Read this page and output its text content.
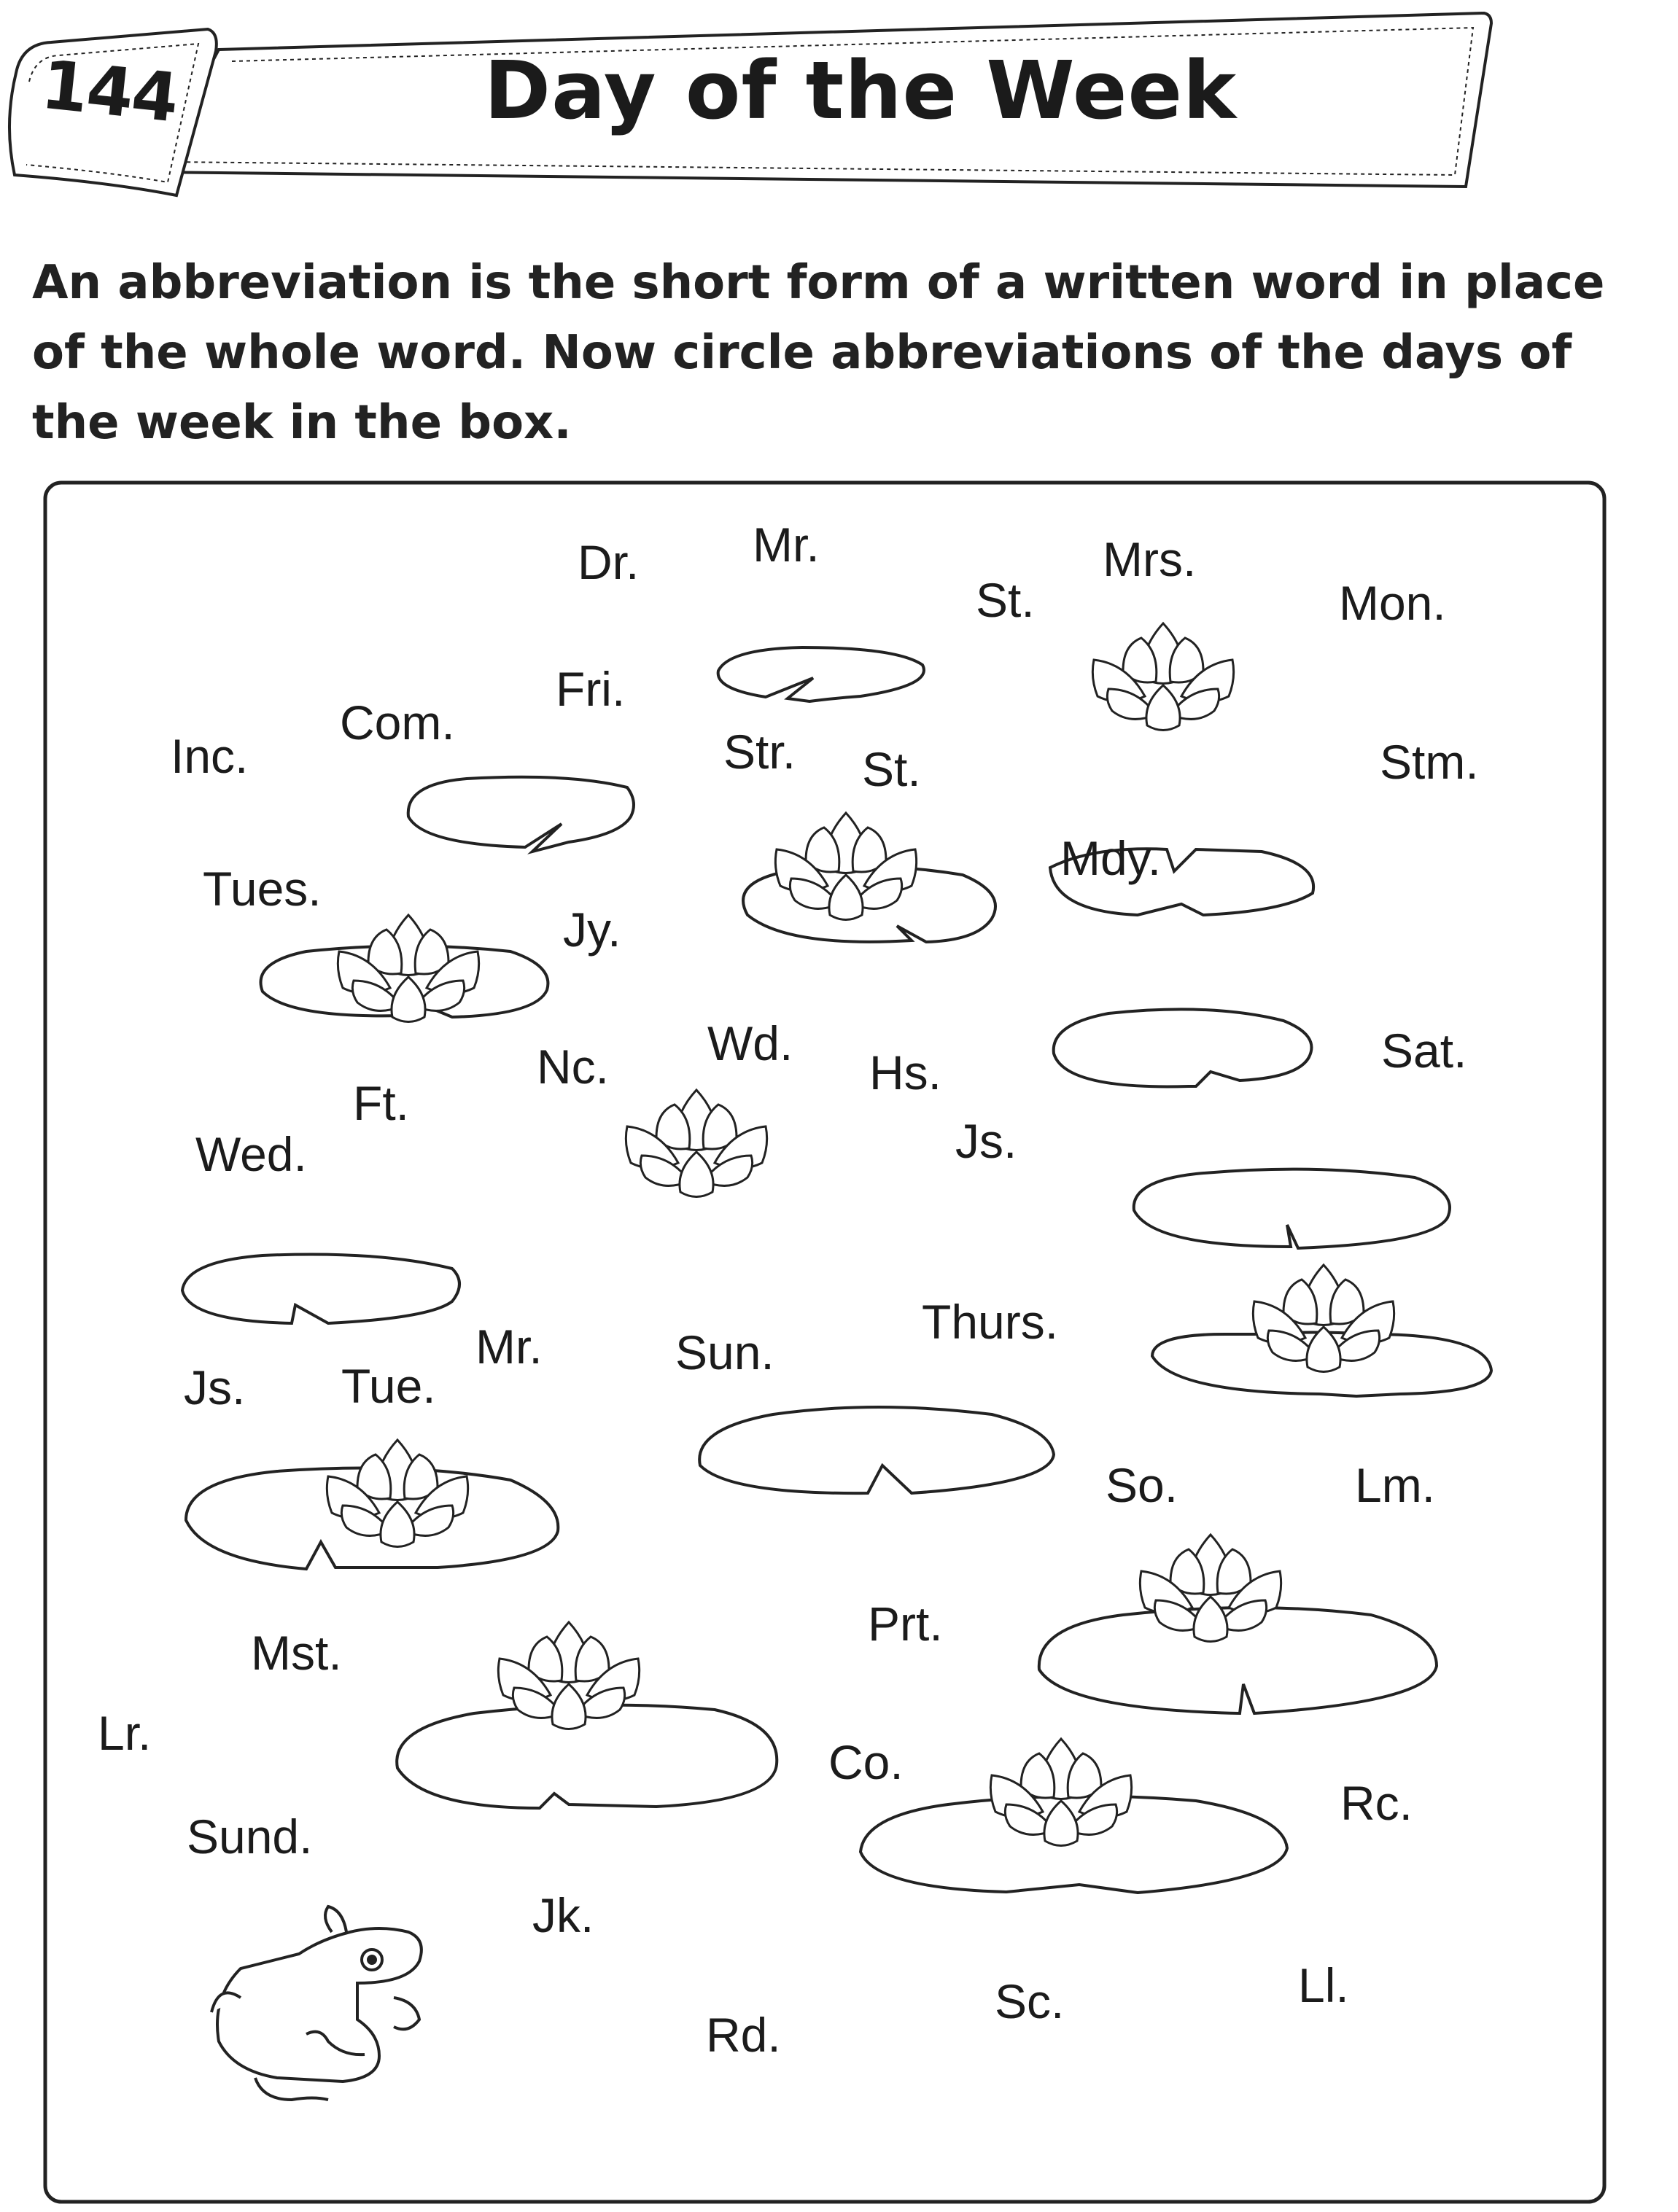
144	Day of the Week
An abbreviation is the short form of a written word in place of the whole word. Now circle abbreviations of the days of the week in the box.
Dr. Mr.
St.
Mrs.
Mon.
Fri.
Com.
Inc.	Str. St.	Stm.
Mdy.
Tues.
Jy.
Nc. Wd.
Hs.	Sat.
Ft.
Wed.	Js.
Thurs.
Mr.	Sun.
Js. Tue.
So.	Lm.
Prt.
Mst.
Lr.
Co.
Rc.
Sund.
Jk.
Ll.
Sc.
Rd.
